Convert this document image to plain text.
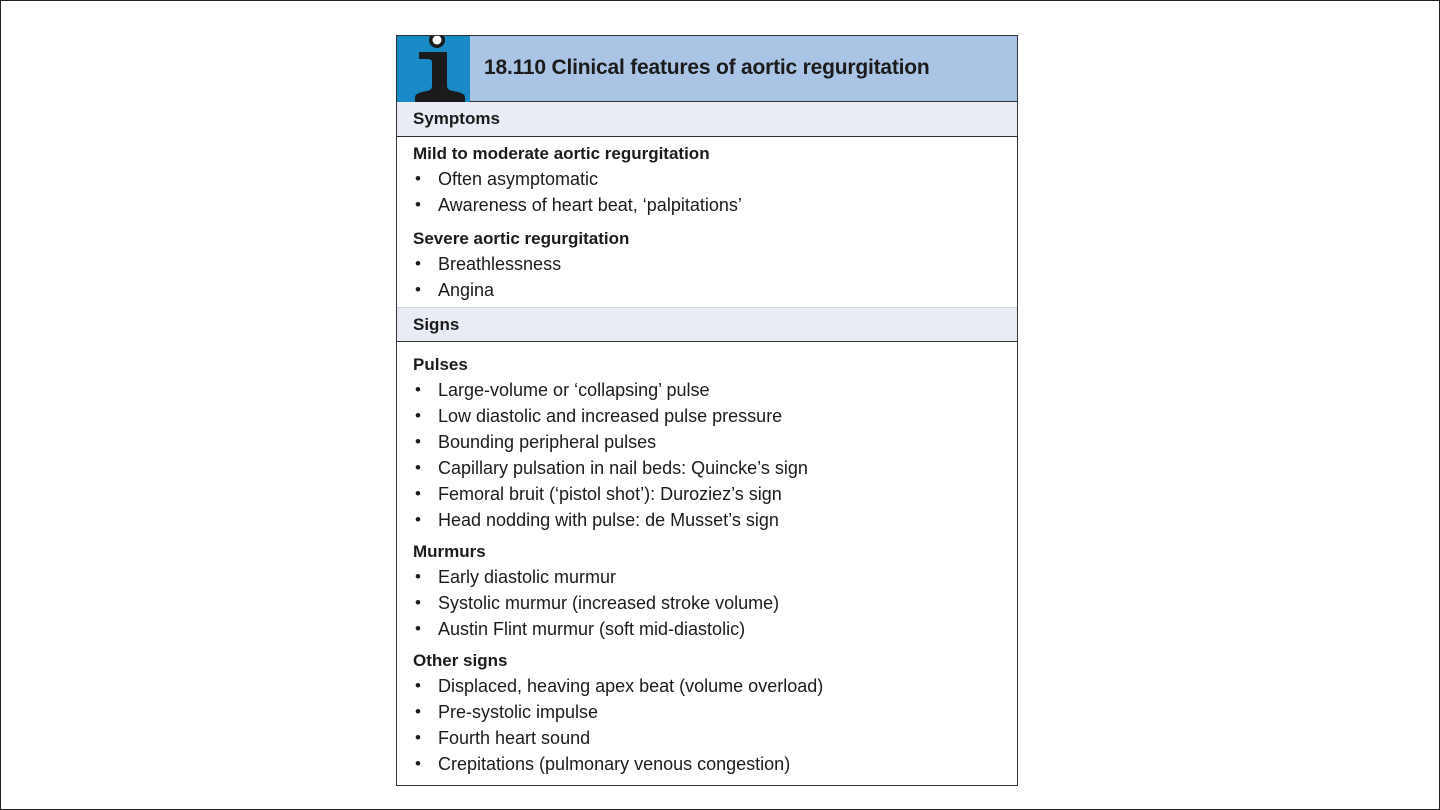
18.110 Clinical features of aortic regurgitation
Symptoms
Mild to moderate aortic regurgitation
• Often asymptomatic
• Awareness of heart beat, ‘palpitations’
Severe aortic regurgitation
• Breathlessness
• Angina
Signs
Pulses
• Large-volume or ‘collapsing’ pulse
• Low diastolic and increased pulse pressure
• Bounding peripheral pulses
• Capillary pulsation in nail beds: Quincke’s sign
• Femoral bruit (‘pistol shot’): Duroziez’s sign
• Head nodding with pulse: de Musset’s sign
Murmurs
• Early diastolic murmur
• Systolic murmur (increased stroke volume)
• Austin Flint murmur (soft mid-diastolic)
Other signs
• Displaced, heaving apex beat (volume overload)
• Pre-systolic impulse
• Fourth heart sound
• Crepitations (pulmonary venous congestion)
